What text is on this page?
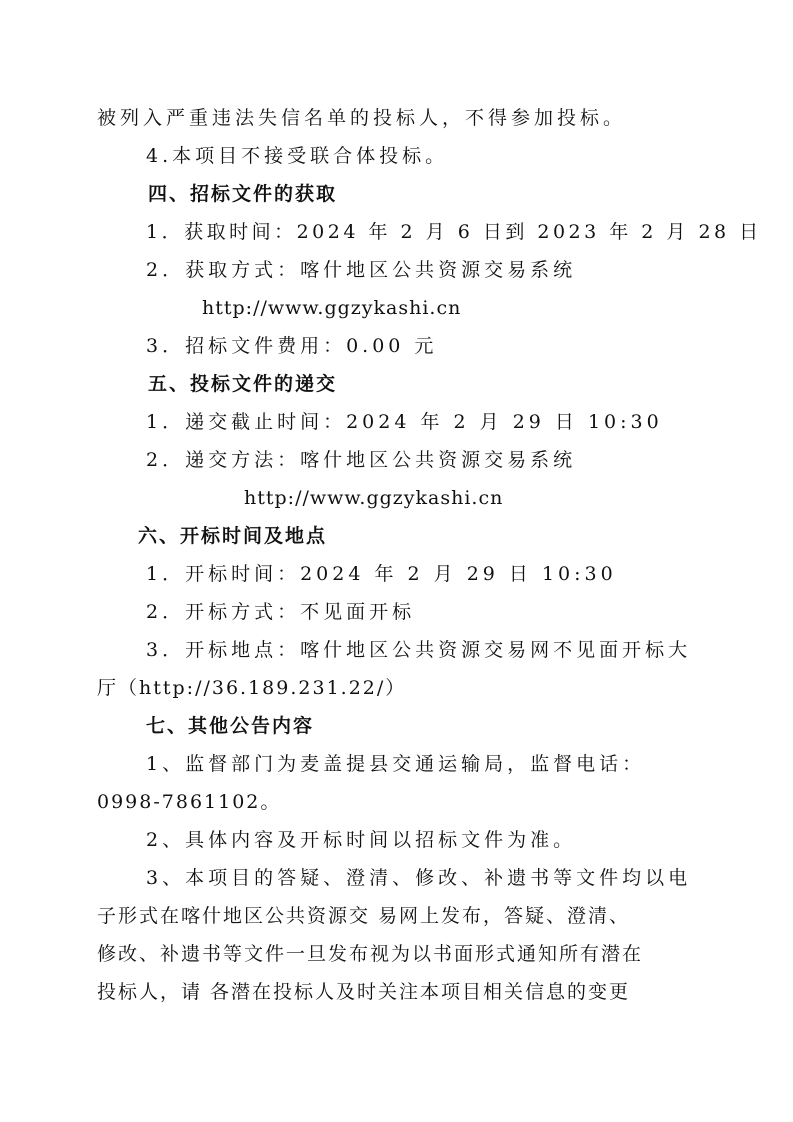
被列入严重违法失信名单的投标人，不得参加投标。
4.本项目不接受联合体投标。
四、招标文件的获取
1．获取时间：2024 年 2 月 6 日到 2023 年 2 月 28 日
2．获取方式：喀什地区公共资源交易系统
http://www.ggzykashi.cn
3．招标文件费用：0.00 元
五、投标文件的递交
1．递交截止时间：2024 年 2 月 29 日 10:30
2．递交方法：喀什地区公共资源交易系统
http://www.ggzykashi.cn
六、开标时间及地点
1．开标时间：2024 年 2 月 29 日 10:30
2．开标方式：不见面开标
3．开标地点：喀什地区公共资源交易网不见面开标大
厅（http://36.189.231.22/）
七、其他公告内容
1、监督部门为麦盖提县交通运输局，监督电话：
0998-7861102。
2、具体内容及开标时间以招标文件为准。
3、本项目的答疑、澄清、修改、补遗书等文件均以电
子形式在喀什地区公共资源交 易网上发布，答疑、澄清、
修改、补遗书等文件一旦发布视为以书面形式通知所有潜在
投标人，请 各潜在投标人及时关注本项目相关信息的变更
